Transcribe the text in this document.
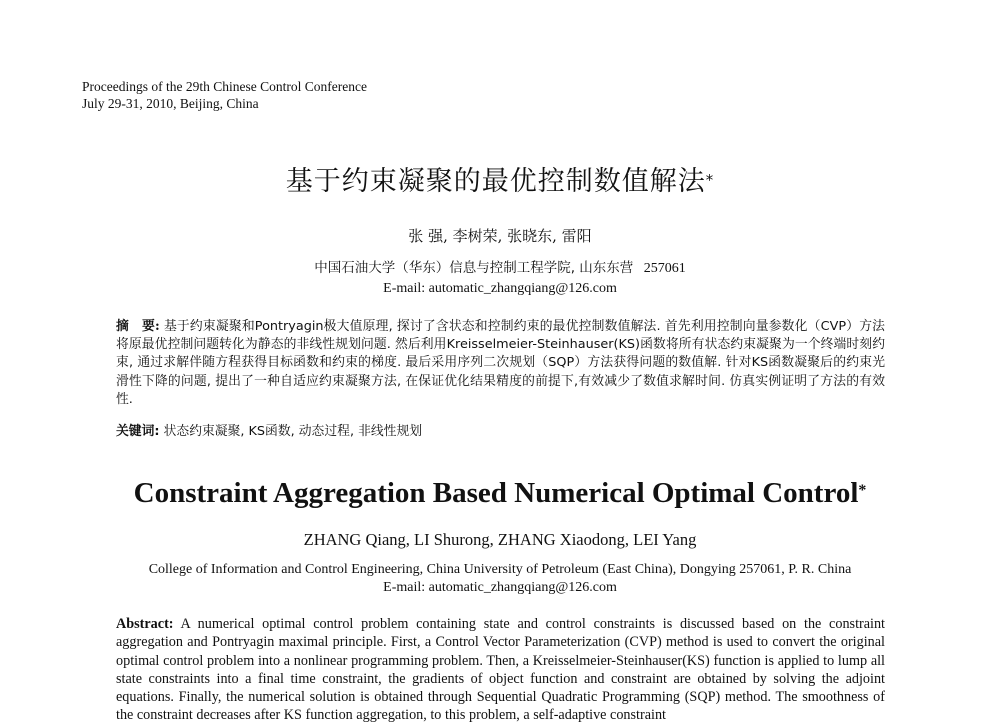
Proceedings of the 29th Chinese Control Conference
July 29-31, 2010, Beijing, China
基于约束凝聚的最优控制数值解法*
张 强, 李树荣, 张晓东, 雷阳
中国石油大学（华东）信息与控制工程学院, 山东东营 257061
E-mail: automatic_zhangqiang@126.com
摘　要: 基于约束凝聚和Pontryagin极大值原理, 探讨了含状态和控制约束的最优控制数值解法. 首先利用控制向量参数化（CVP）方法将原最优控制问题转化为静态的非线性规划问题. 然后利用Kreisselmeier-Steinhauser(KS)函数将所有状态约束凝聚为一个终端时刻约束, 通过求解伴随方程获得目标函数和约束的梯度. 最后采用序列二次规划（SQP）方法获得问题的数值解. 针对KS函数凝聚后的约束光滑性下降的问题, 提出了一种自适应约束凝聚方法, 在保证优化结果精度的前提下,有效减少了数值求解时间. 仿真实例证明了方法的有效性.
关键词: 状态约束凝聚, KS函数, 动态过程, 非线性规划
Constraint Aggregation Based Numerical Optimal Control*
ZHANG Qiang, LI Shurong, ZHANG Xiaodong, LEI Yang
College of Information and Control Engineering, China University of Petroleum (East China), Dongying 257061, P. R. China
E-mail: automatic_zhangqiang@126.com
Abstract: A numerical optimal control problem containing state and control constraints is discussed based on the constraint aggregation and Pontryagin maximal principle. First, a Control Vector Parameterization (CVP) method is used to convert the original optimal control problem into a nonlinear programming problem. Then, a Kreisselmeier-Steinhauser(KS) function is applied to lump all state constraints into a final time constraint, the gradients of object function and constraint are obtained by solving the adjoint equations. Finally, the numerical solution is obtained through Sequential Quadratic Programming (SQP) method. The smoothness of the constraint decreases after KS function aggregation, to this problem, a self-adaptive constraint
